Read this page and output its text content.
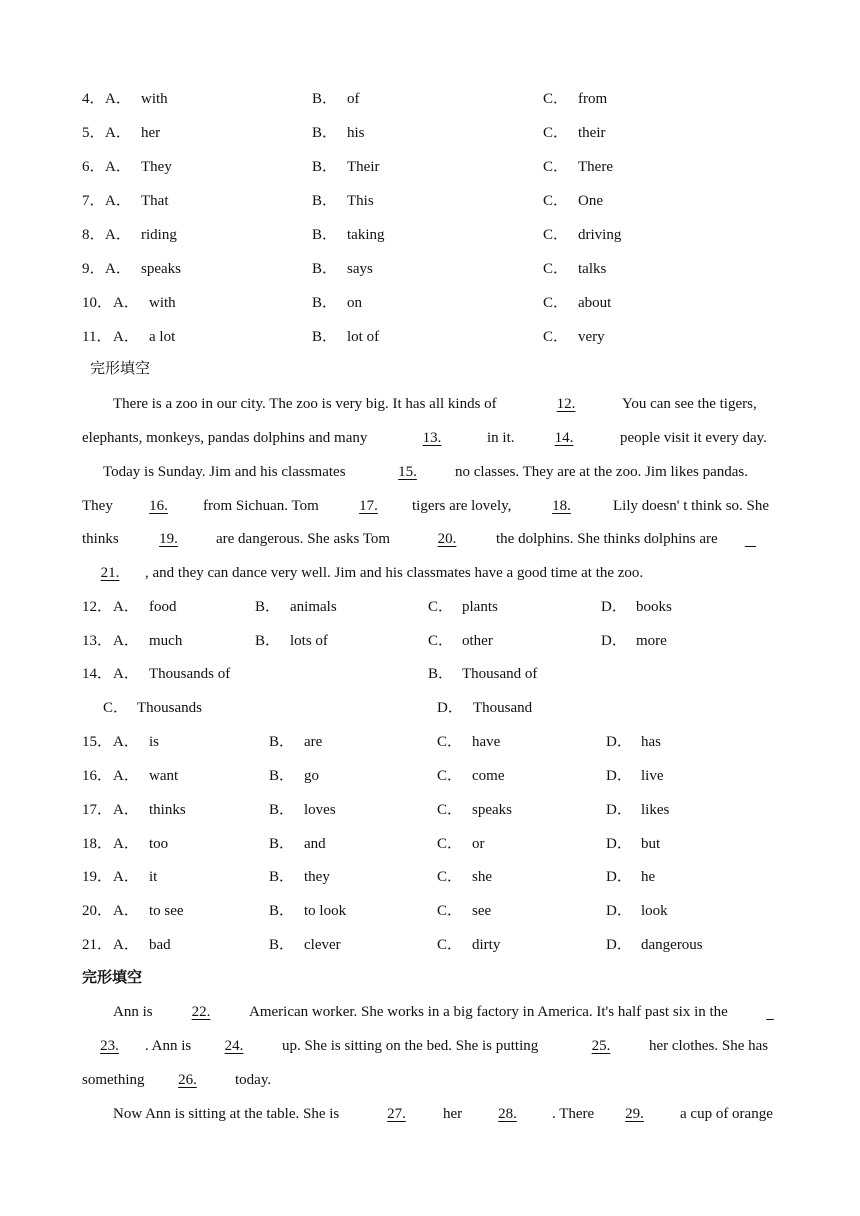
4． A． with	B． of	C． from
5． A． her	B． his	C． their
6． A． They	B． Their	C． There
7． A． That	B． This	C． One
8． A． riding	B． taking	C． driving
9． A． speaks	B． says	C． talks
10． A． with	B． on	C． about
11． A． a lot	B． lot of	C． very
完形填空
There is a zoo in our city. The zoo is very big. It has all kinds of	12.	You can see the tigers,
elephants, monkeys, pandas dolphins and many	13.	in it.	14.	people visit it every day.
Today is Sunday. Jim and his classmates	15.	no classes. They are at the zoo. Jim likes pandas.
They	16.	from Sichuan. Tom	17.	tigers are lovely,	18.	Lily doesn' t think so. She
thinks	19.	are dangerous. She asks Tom	20.	the dolphins. She thinks dolphins are

21.	, and they can dance very well. Jim and his classmates have a good time at the zoo.
12． A． food	B． animals	C． plants	D． books
13． A． much	B． lots of	C． other	D． more
14． A． Thousands of	B． Thousand of
C． Thousands	D． Thousand
15． A． is	B． are	C． have	D． has
16． A． want	B． go	C． come	D． live
17． A． thinks	B． loves	C． speaks	D． likes
18． A． too	B． and	C． or	D． but
19． A． it	B． they	C． she	D． he
20． A． to see	B． to look	C． see	D． look
21． A． bad	B． clever	C． dirty	D． dangerous
完形填空
Ann is	22.	American worker. She works in a big factory in America. It's half past six in the

23.	. Ann is	24.	up. She is sitting on the bed. She is putting	25.	her clothes. She has
something	26.	today.
Now Ann is sitting at the table. She is	27.	her	28.	. There	29.	a cup of orange
